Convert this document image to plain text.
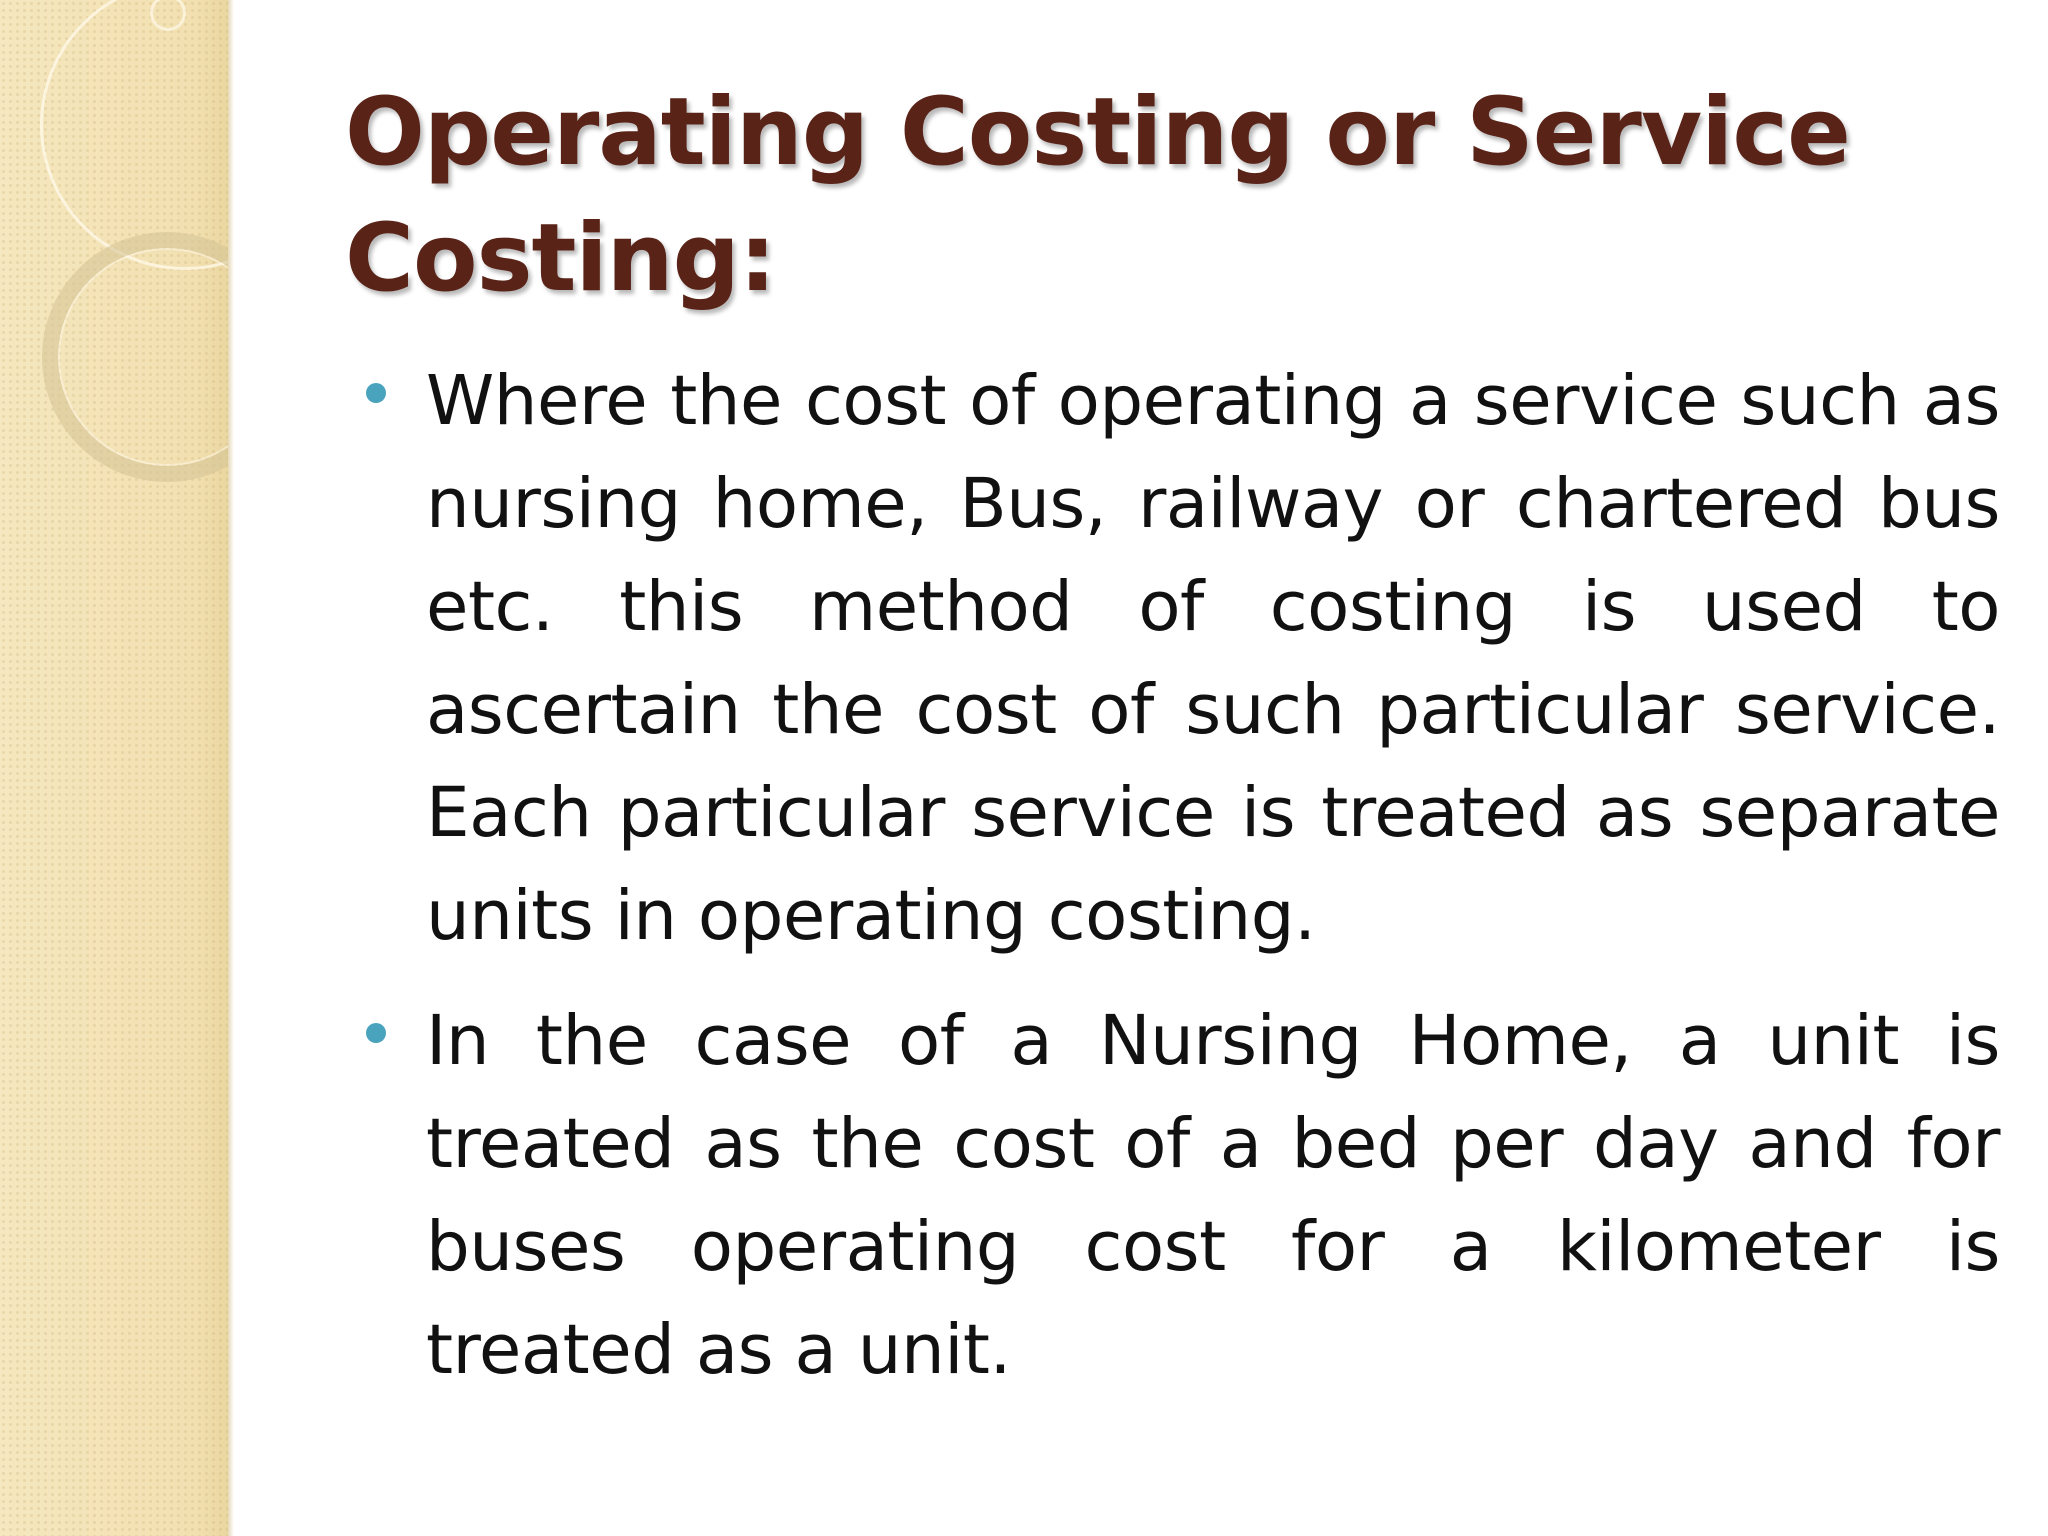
Operating Costing or Service Costing:
Where the cost of operating a service such as nursing home, Bus, railway or chartered bus etc. this method of costing is used to ascertain the cost of such particular service. Each particular service is treated as separate units in operating costing.
In the case of a Nursing Home, a unit is treated as the cost of a bed per day and for buses operating cost for a kilometer is treated as a unit.
